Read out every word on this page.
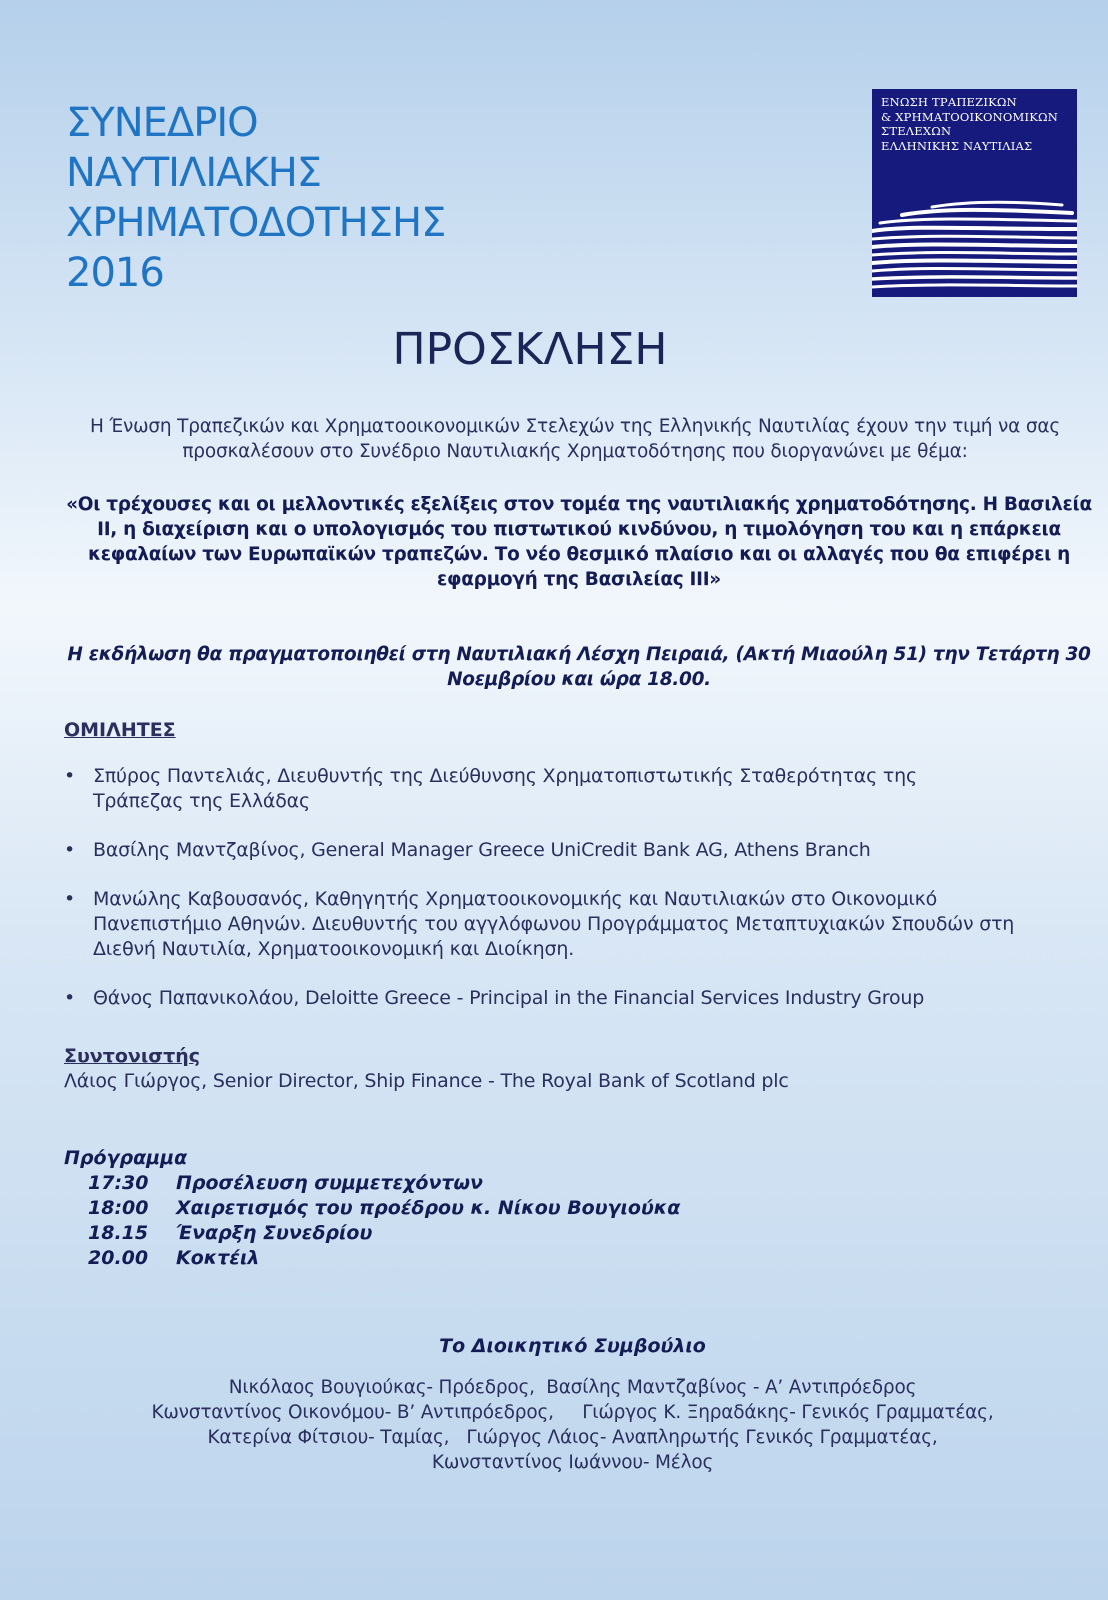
ΣΥΝΕΔΡΙΟ
ΝΑΥΤΙΛΙΑΚΗΣ
ΧΡΗΜΑΤΟΔΟΤΗΣΗΣ
2016

ΕΝΩΣΗ ΤΡΑΠΕΖΙΚΩΝ
& ΧΡΗΜΑΤΟΟΙΚΟΝΟΜΙΚΩΝ
ΣΤΕΛΕΧΩΝ
ΕΛΛΗΝΙΚΗΣ ΝΑΥΤΙΛΙΑΣ

ΠΡΟΣΚΛΗΣΗ

Η Ένωση Τραπεζικών και Χρηματοοικονομικών Στελεχών της Ελληνικής Ναυτιλίας έχουν την τιμή να σας προσκαλέσουν στο Συνέδριο Ναυτιλιακής Χρηματοδότησης που διοργανώνει με θέμα:

«Οι τρέχουσες και οι μελλοντικές εξελίξεις στον τομέα της ναυτιλιακής χρηματοδότησης. Η Βασιλεία ΙΙ, η διαχείριση και ο υπολογισμός του πιστωτικού κινδύνου, η τιμολόγηση του και η επάρκεια κεφαλαίων των Ευρωπαϊκών τραπεζών. Το νέο θεσμικό πλαίσιο και οι αλλαγές που θα επιφέρει η εφαρμογή της Βασιλείας ΙΙΙ»

Η εκδήλωση θα πραγματοποιηθεί στη Ναυτιλιακή Λέσχη Πειραιά, (Ακτή Μιαούλη 51) την Τετάρτη 30 Νοεμβρίου και ώρα 18.00.

ΟΜΙΛΗΤΕΣ
• Σπύρος Παντελιάς, Διευθυντής της Διεύθυνσης Χρηματοπιστωτικής Σταθερότητας της Τράπεζας της Ελλάδας
• Βασίλης Μαντζαβίνος, General Manager Greece UniCredit Bank AG, Athens Branch
• Μανώλης Καβουσανός, Καθηγητής Χρηματοοικονομικής και Ναυτιλιακών στο Οικονομικό Πανεπιστήμιο Αθηνών. Διευθυντής του αγγλόφωνου Προγράμματος Μεταπτυχιακών Σπουδών στη Διεθνή Ναυτιλία, Χρηματοοικονομική και Διοίκηση.
• Θάνος Παπανικολάου, Deloitte Greece - Principal in the Financial Services Industry Group
Συντονιστής

Λάιος Γιώργος, Senior Director, Ship Finance - The Royal Bank of Scotland plc

Πρόγραμμα
17:30	Προσέλευση συμμετεχόντων
18:00	Χαιρετισμός του προέδρου κ. Νίκου Βουγιούκα
18.15	Έναρξη Συνεδρίου
20.00	Κοκτέιλ
Το Διοικητικό Συμβούλιο

Νικόλαος Βουγιούκας- Πρόεδρος,  Βασίλης Μαντζαβίνος - Α’ Αντιπρόεδρος
Κωνσταντίνος Οικονόμου- Β’ Αντιπρόεδρος,     Γιώργος Κ. Ξηραδάκης- Γενικός Γραμματέας,
Κατερίνα Φίτσιου- Ταμίας,   Γιώργος Λάιος- Αναπληρωτής Γενικός Γραμματέας,
Κωνσταντίνος Ιωάννου- Μέλος
